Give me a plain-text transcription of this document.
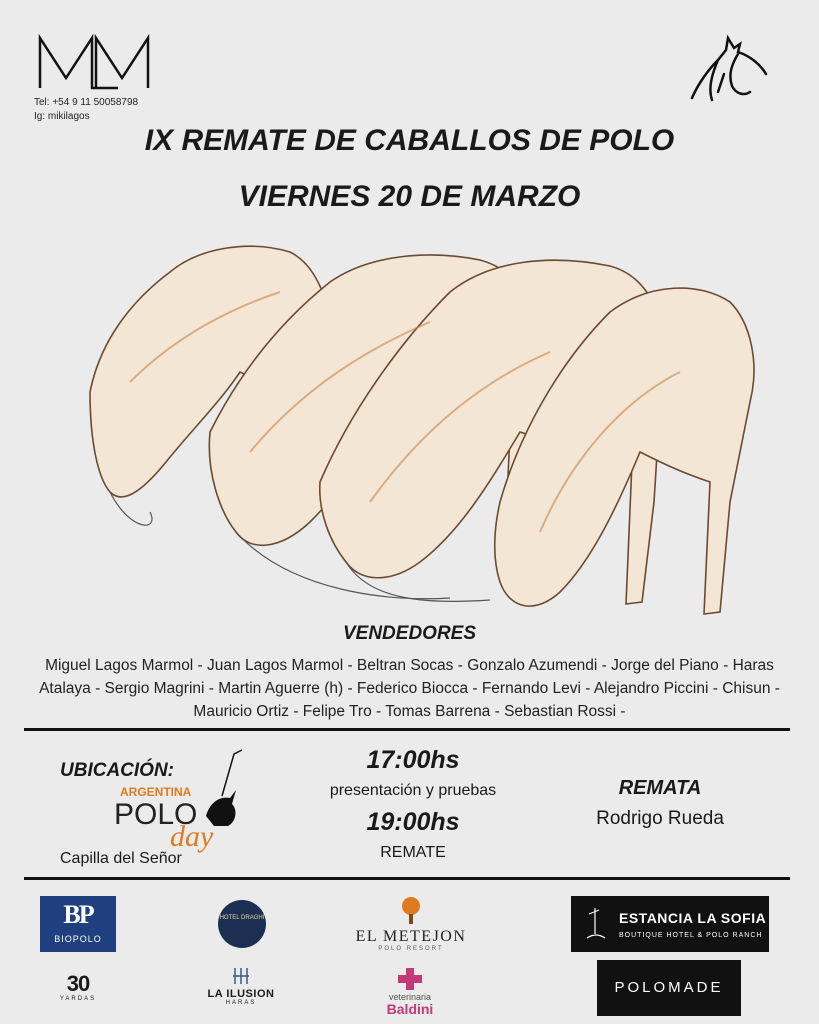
Tel: +54 9 11 50058798
Ig: mikilagos
IX REMATE DE CABALLOS DE POLO
VIERNES 20 DE MARZO
VENDEDORES
Miguel Lagos Marmol - Juan Lagos Marmol - Beltran Socas - Gonzalo Azumendi - Jorge del Piano - Haras Atalaya - Sergio Magrini - Martin Aguerre (h) - Federico Biocca - Fernando Levi - Alejandro Piccini - Chisun - Mauricio Ortiz - Felipe Tro - Tomas Barrena - Sebastian Rossi -
UBICACIÓN:
ARGENTINA
POLO
day
Capilla del Señor
17:00hs
presentación y pruebas
19:00hs
REMATE
REMATA
Rodrigo Rueda
BP
BIOPOLO
HOTEL DRAGHI
EL METEJON
POLO RESORT
ESTANCIA LA SOFIA
BOUTIQUE HOTEL & POLO RANCH
30
YARDAS	LA ILUSION
HARAS
veterinaria
Baldini
POLOMADE
